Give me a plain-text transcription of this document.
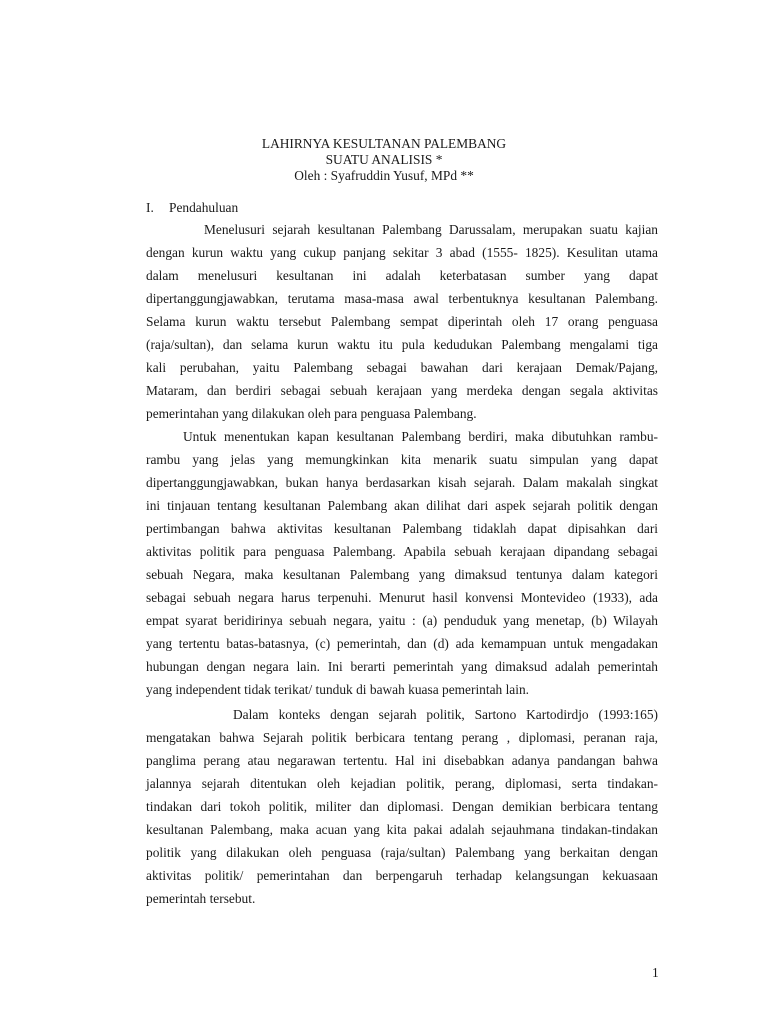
LAHIRNYA KESULTANAN PALEMBANG
SUATU ANALISIS *
Oleh : Syafruddin Yusuf, MPd **
I. Pendahuluan
Menelusuri sejarah kesultanan Palembang Darussalam, merupakan suatu kajian
dengan kurun waktu yang cukup panjang sekitar 3 abad (1555- 1825). Kesulitan utama
dalam menelusuri kesultanan ini adalah keterbatasan sumber yang dapat
dipertanggungjawabkan, terutama masa-masa awal terbentuknya kesultanan Palembang.
Selama kurun waktu tersebut Palembang sempat diperintah oleh 17 orang penguasa
(raja/sultan), dan selama kurun waktu itu pula kedudukan Palembang mengalami tiga
kali perubahan, yaitu Palembang sebagai bawahan dari kerajaan Demak/Pajang,
Mataram, dan berdiri sebagai sebuah kerajaan yang merdeka dengan segala aktivitas
pemerintahan yang dilakukan oleh para penguasa Palembang.
Untuk menentukan kapan kesultanan Palembang berdiri, maka dibutuhkan rambu-
rambu yang jelas yang memungkinkan kita menarik suatu simpulan yang dapat
dipertanggungjawabkan, bukan hanya berdasarkan kisah sejarah. Dalam makalah singkat
ini tinjauan tentang kesultanan Palembang akan dilihat dari aspek sejarah politik dengan
pertimbangan bahwa aktivitas kesultanan Palembang tidaklah dapat dipisahkan dari
aktivitas politik para penguasa Palembang. Apabila sebuah kerajaan dipandang sebagai
sebuah Negara, maka kesultanan Palembang yang dimaksud tentunya dalam kategori
sebagai sebuah negara harus terpenuhi. Menurut hasil konvensi Montevideo (1933), ada
empat syarat beridirinya sebuah negara, yaitu : (a) penduduk yang menetap, (b) Wilayah
yang tertentu batas-batasnya, (c) pemerintah, dan (d) ada kemampuan untuk mengadakan
hubungan dengan negara lain. Ini berarti pemerintah yang dimaksud adalah pemerintah
yang independent tidak terikat/ tunduk di bawah kuasa pemerintah lain.
Dalam konteks dengan sejarah politik, Sartono Kartodirdjo (1993:165)
mengatakan bahwa Sejarah politik berbicara tentang perang , diplomasi, peranan raja,
panglima perang atau negarawan tertentu. Hal ini disebabkan adanya pandangan bahwa
jalannya sejarah ditentukan oleh kejadian politik, perang, diplomasi, serta tindakan-
tindakan dari tokoh politik, militer dan diplomasi. Dengan demikian berbicara tentang
kesultanan Palembang, maka acuan yang kita pakai adalah sejauhmana tindakan-tindakan
politik yang dilakukan oleh penguasa (raja/sultan) Palembang yang berkaitan dengan
aktivitas politik/ pemerintahan dan berpengaruh terhadap kelangsungan kekuasaan
pemerintah tersebut.
1
